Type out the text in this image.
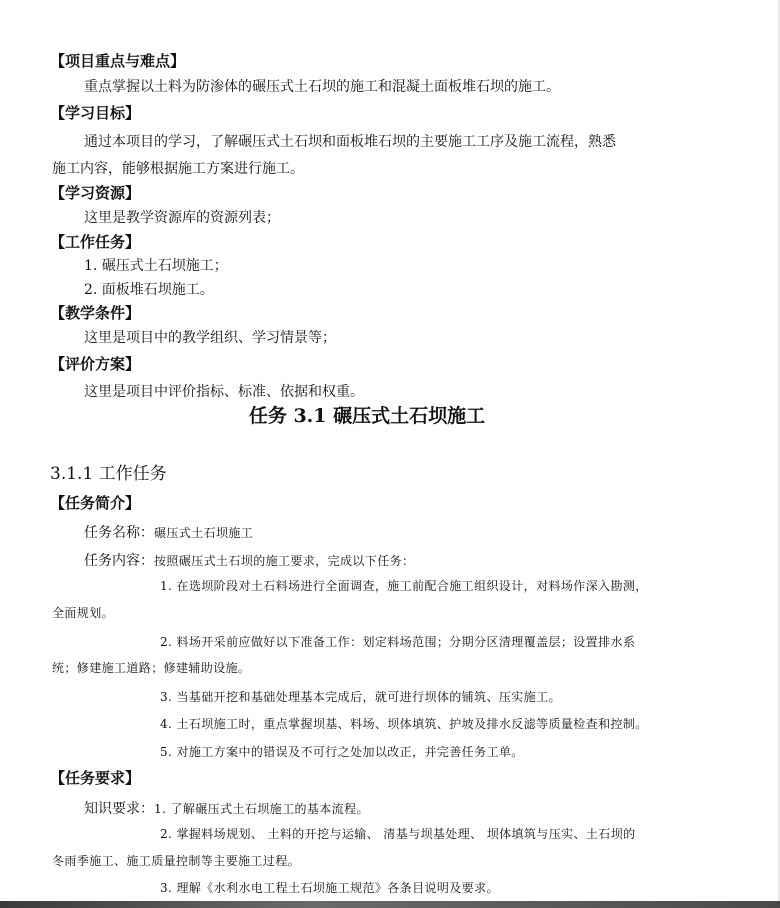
【项目重点与难点】
重点掌握以土料为防渗体的碾压式土石坝的施工和混凝土面板堆石坝的施工。
【学习目标】
通过本项目的学习，了解碾压式土石坝和面板堆石坝的主要施工工序及施工流程，熟悉
施工内容，能够根据施工方案进行施工。
【学习资源】
这里是教学资源库的资源列表；
【工作任务】
1. 碾压式土石坝施工；
2. 面板堆石坝施工。
【教学条件】
这里是项目中的教学组织、学习情景等；
【评价方案】
这里是项目中评价指标、标准、依据和权重。
任务 3.1 碾压式土石坝施工
3.1.1 工作任务
【任务简介】
任务名称：碾压式土石坝施工
任务内容：按照碾压式土石坝的施工要求，完成以下任务：
1. 在选坝阶段对土石料场进行全面调查，施工前配合施工组织设计，对料场作深入勘测，
全面规划。
2. 料场开采前应做好以下准备工作：划定料场范围；分期分区清理覆盖层；设置排水系
统；修建施工道路；修建辅助设施。
3. 当基础开挖和基础处理基本完成后，就可进行坝体的铺筑、压实施工。
4. 土石坝施工时，重点掌握坝基、料场、坝体填筑、护坡及排水反滤等质量检查和控制。
5. 对施工方案中的错误及不可行之处加以改正，并完善任务工单。
【任务要求】
知识要求：1. 了解碾压式土石坝施工的基本流程。
2. 掌握料场规划、 土料的开挖与运输、 清基与坝基处理、 坝体填筑与压实、土石坝的
冬雨季施工、施工质量控制等主要施工过程。
3. 理解《水利水电工程土石坝施工规范》各条目说明及要求。
